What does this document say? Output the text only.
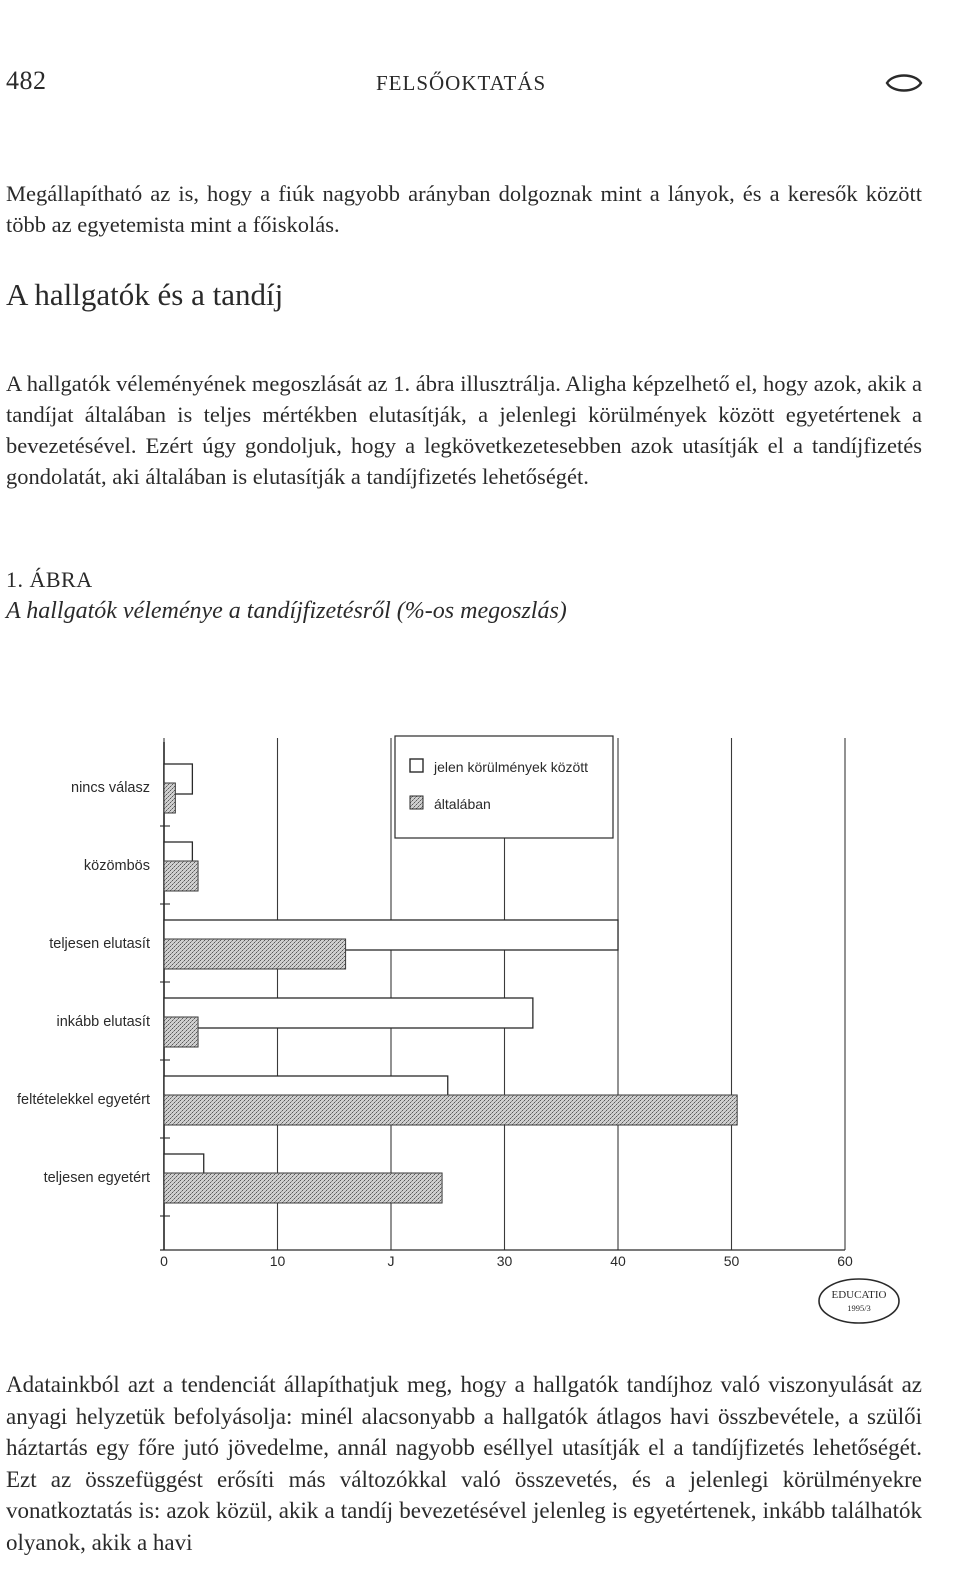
482	FELSŐOKTATÁS

Megállapítható az is, hogy a fiúk nagyobb arányban dolgoznak mint a lányok, és a keresők között több az egyetemista mint a főiskolás.

A hallgatók és a tandíj

A hallgatók véleményének megoszlását az 1. ábra illusztrálja. Aligha képzelhető el, hogy azok, akik a tandíjat általában is teljes mértékben elutasítják, a jelenlegi körülmények között egyetértenek a bevezetésével. Ezért úgy gondoljuk, hogy a legkövetkezetesebben azok utasítják el a tandíjfizetés gondolatát, aki általában is elutasítják a tandíjfizetés lehetőségét.

1. ÁBRA
A hallgatók véleménye a tandíjfizetésről (%-os megoszlás)
nincs válasz
közömbös
teljesen elutasít
inkább elutasít
feltételekkel egyetért
teljesen egyetért
0	10	J	30	40	50	60
jelen körülmények között
általában
EDUCATIO
1995/3

Adatainkból azt a tendenciát állapíthatjuk meg, hogy a hallgatók tandíjhoz való viszonyulását az anyagi helyzetük befolyásolja: minél alacsonyabb a hallgatók átlagos havi összbevétele, a szülői háztartás egy főre jutó jövedelme, annál nagyobb eséllyel utasítják el a tandíjfizetés lehetőségét. Ezt az összefüggést erősíti más változókkal való összevetés, és a jelenlegi körülményekre vonatkoztatás is: azok közül, akik a tandíj bevezetésével jelenleg is egyetértenek, inkább találhatók olyanok, akik a havi
